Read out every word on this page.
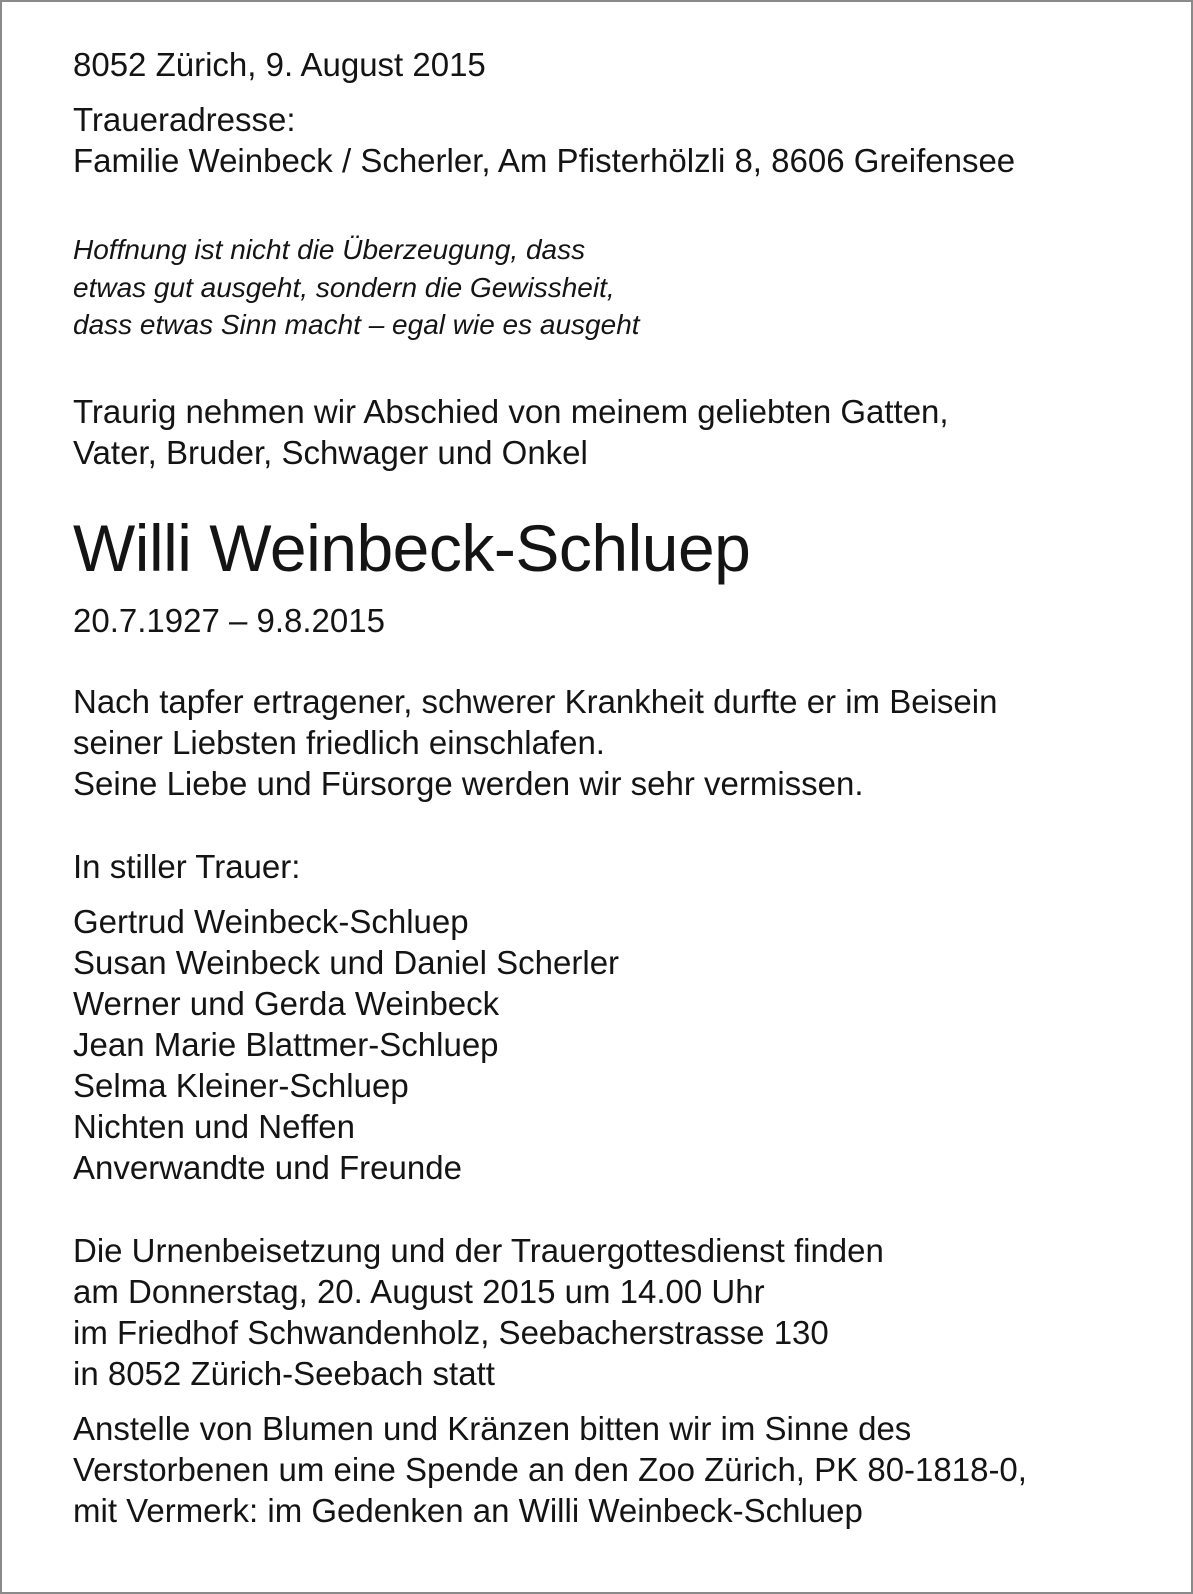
8052 Zürich, 9. August 2015
Traueradresse:
Familie Weinbeck / Scherler, Am Pfisterhölzli 8, 8606 Greifensee
Hoffnung ist nicht die Überzeugung, dass
etwas gut ausgeht, sondern die Gewissheit,
dass etwas Sinn macht – egal wie es ausgeht
Traurig nehmen wir Abschied von meinem geliebten Gatten,
Vater, Bruder, Schwager und Onkel
Willi Weinbeck-Schluep
20.7.1927 – 9.8.2015
Nach tapfer ertragener, schwerer Krankheit durfte er im Beisein
seiner Liebsten friedlich einschlafen.
Seine Liebe und Fürsorge werden wir sehr vermissen.
In stiller Trauer:
Gertrud Weinbeck-Schluep
Susan Weinbeck und Daniel Scherler
Werner und Gerda Weinbeck
Jean Marie Blattmer-Schluep
Selma Kleiner-Schluep
Nichten und Neffen
Anverwandte und Freunde
Die Urnenbeisetzung und der Trauergottesdienst finden
am Donnerstag, 20. August 2015 um 14.00 Uhr
im Friedhof Schwandenholz, Seebacherstrasse 130
in 8052 Zürich-Seebach statt
Anstelle von Blumen und Kränzen bitten wir im Sinne des
Verstorbenen um eine Spende an den Zoo Zürich, PK 80-1818-0,
mit Vermerk: im Gedenken an Willi Weinbeck-Schluep
